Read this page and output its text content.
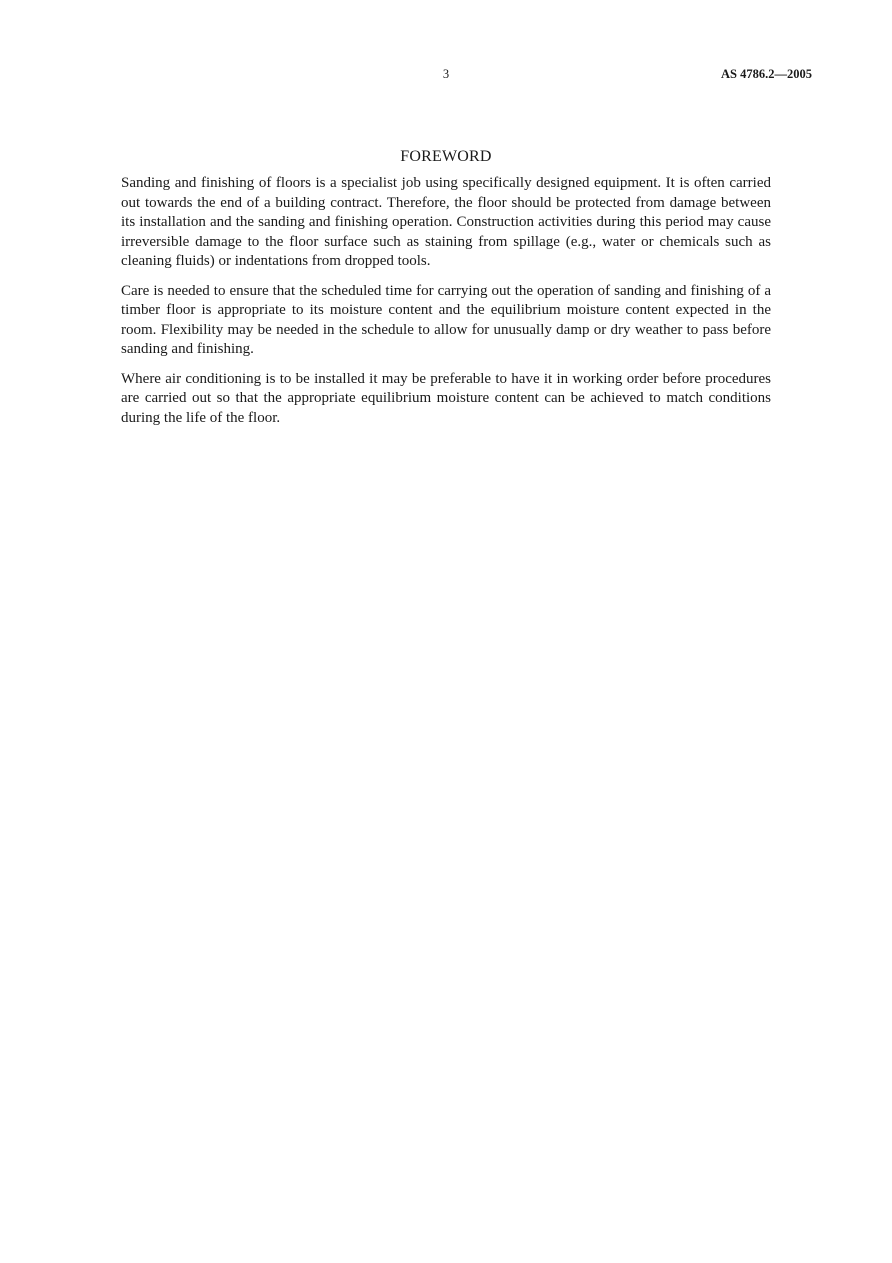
3	AS 4786.2—2005
FOREWORD

Sanding and finishing of floors is a specialist job using specifically designed equipment. It is often carried out towards the end of a building contract. Therefore, the floor should be protected from damage between its installation and the sanding and finishing operation. Construction activities during this period may cause irreversible damage to the floor surface such as staining from spillage (e.g., water or chemicals such as cleaning fluids) or indentations from dropped tools.

Care is needed to ensure that the scheduled time for carrying out the operation of sanding and finishing of a timber floor is appropriate to its moisture content and the equilibrium moisture content expected in the room. Flexibility may be needed in the schedule to allow for unusually damp or dry weather to pass before sanding and finishing.

Where air conditioning is to be installed it may be preferable to have it in working order before procedures are carried out so that the appropriate equilibrium moisture content can be achieved to match conditions during the life of the floor.
